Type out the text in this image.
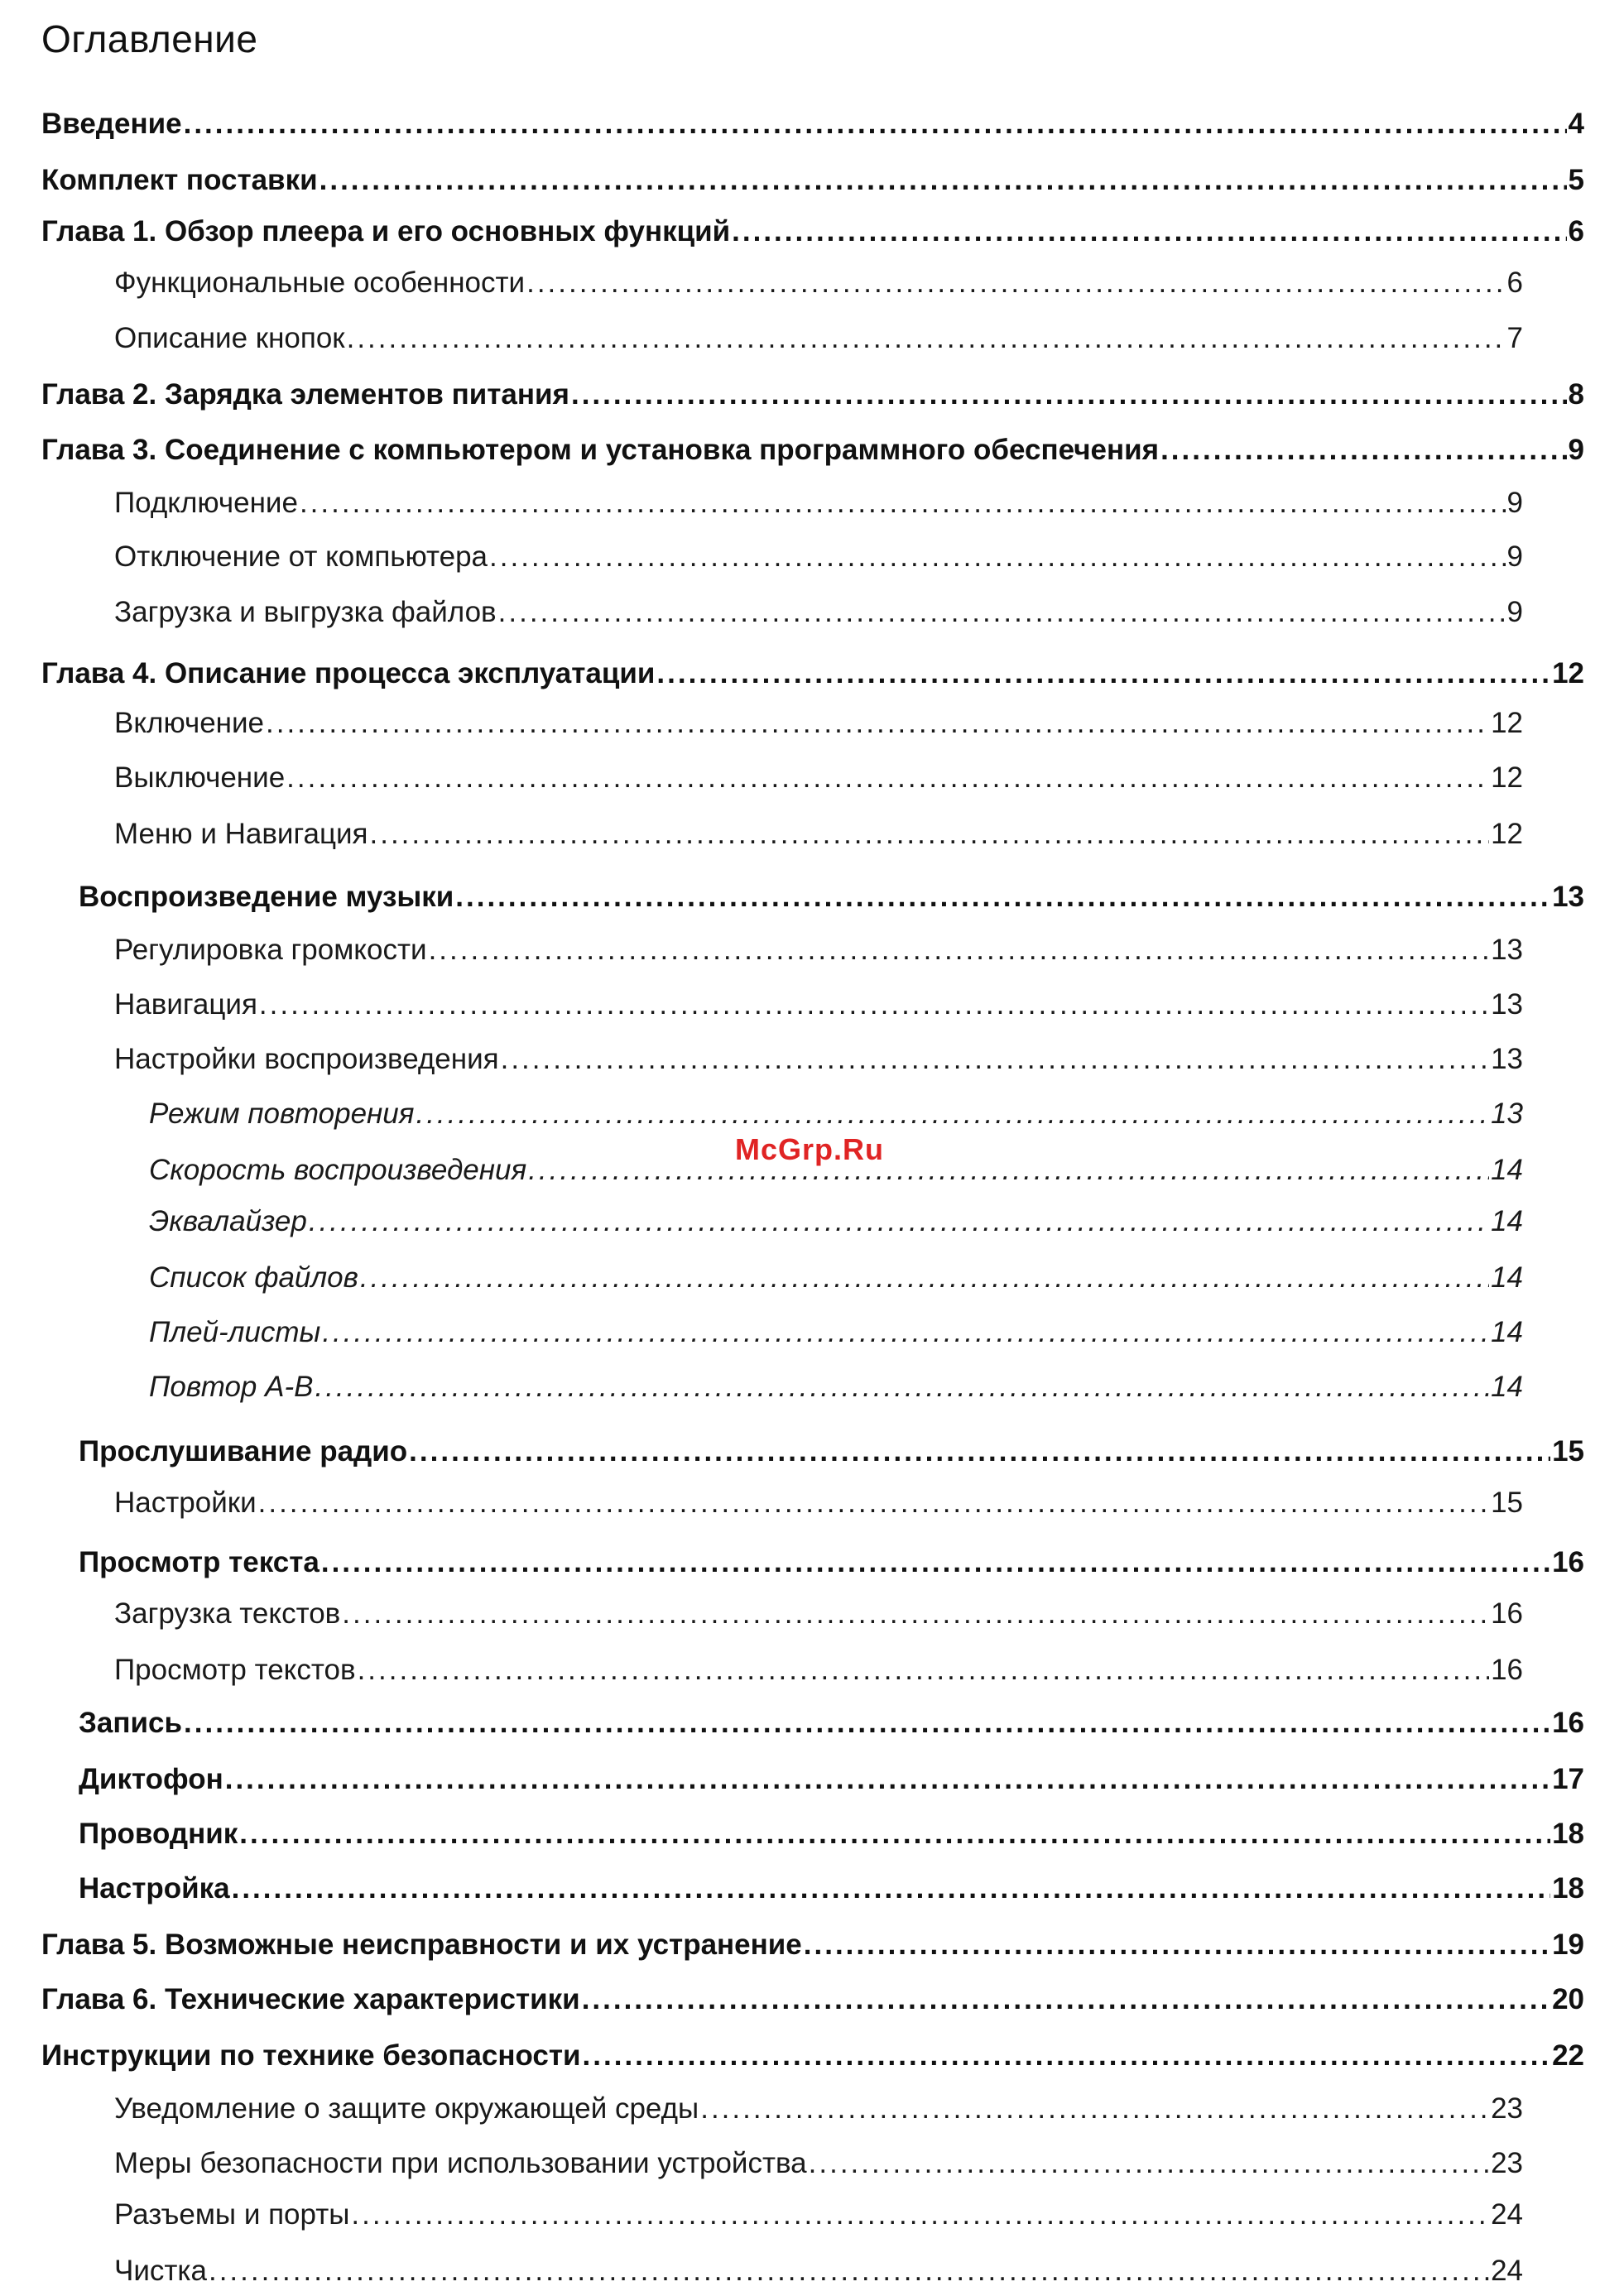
Оглавление
Введение .....	4
Комплект поставки .....	5
Глава 1. Обзор плеера и его основных функций .....	6
Функциональные особенности .....	6
Описание кнопок .....	7
Глава 2. Зарядка элементов питания .....	8
Глава 3. Соединение с компьютером и установка программного обеспечения .....	9
Подключение .....	9
Отключение от компьютера .....	9
Загрузка и выгрузка файлов .....	9
Глава 4. Описание процесса эксплуатации .....	12
Включение .....	12
Выключение .....	12
Меню и Навигация .....	12
Воспроизведение музыки .....	13
Регулировка громкости .....	13
Навигация .....	13
Настройки воспроизведения .....	13
Режим повторения .....	13
Скорость воспроизведения .....	14
Эквалайзер .....	14
Список файлов .....	14
Плей-листы .....	14
Повтор A-B .....	14
Прослушивание радио .....	15
Настройки .....	15
Просмотр текста .....	16
Загрузка текстов .....	16
Просмотр текстов .....	16
Запись .....	16
Диктофон .....	17
Проводник .....	18
Настройка .....	18
Глава 5. Возможные неисправности и их устранение .....	19
Глава 6. Технические характеристики .....	20
Инструкции по технике безопасности .....	22
Уведомление о защите окружающей среды .....	23
Меры безопасности при использовании устройства .....	23
Разъемы и порты .....	24
Чистка .....	24
McGrp.Ru
